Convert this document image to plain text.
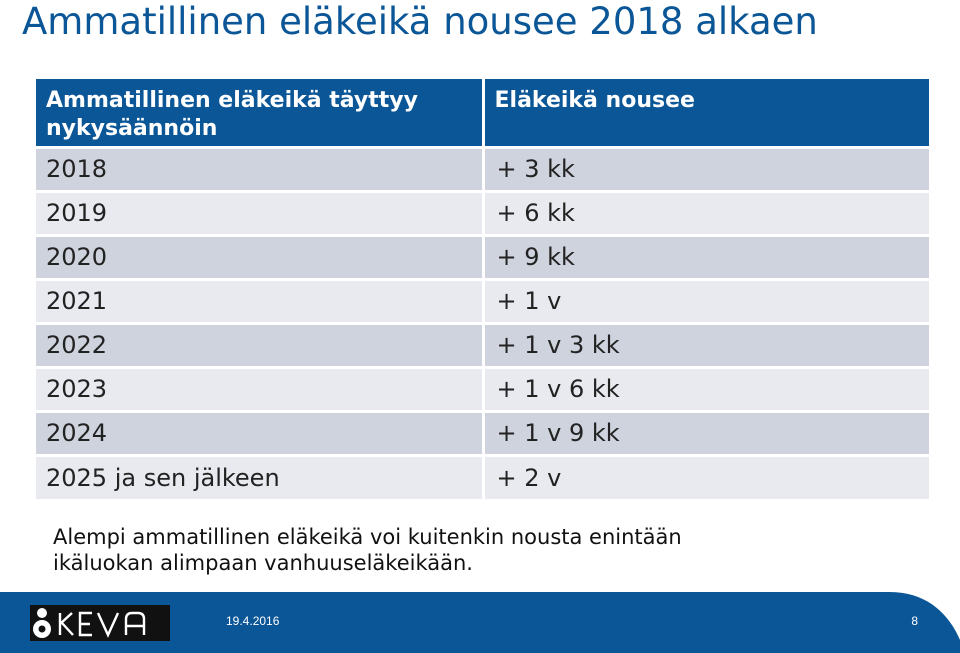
Ammatillinen eläkeikä nousee 2018 alkaen
Ammatillinen eläkeikä täyttyy nykysäännöin	Eläkeikä nousee
2018	+ 3 kk
2019	+ 6 kk
2020	+ 9 kk
2021	+ 1 v
2022	+ 1 v 3 kk
2023	+ 1 v 6 kk
2024	+ 1 v 9 kk
2025 ja sen jälkeen	+ 2 v
Alempi ammatillinen eläkeikä voi kuitenkin nousta enintään
ikäluokan alimpaan vanhuuseläkeikään.
19.4.2016	8
